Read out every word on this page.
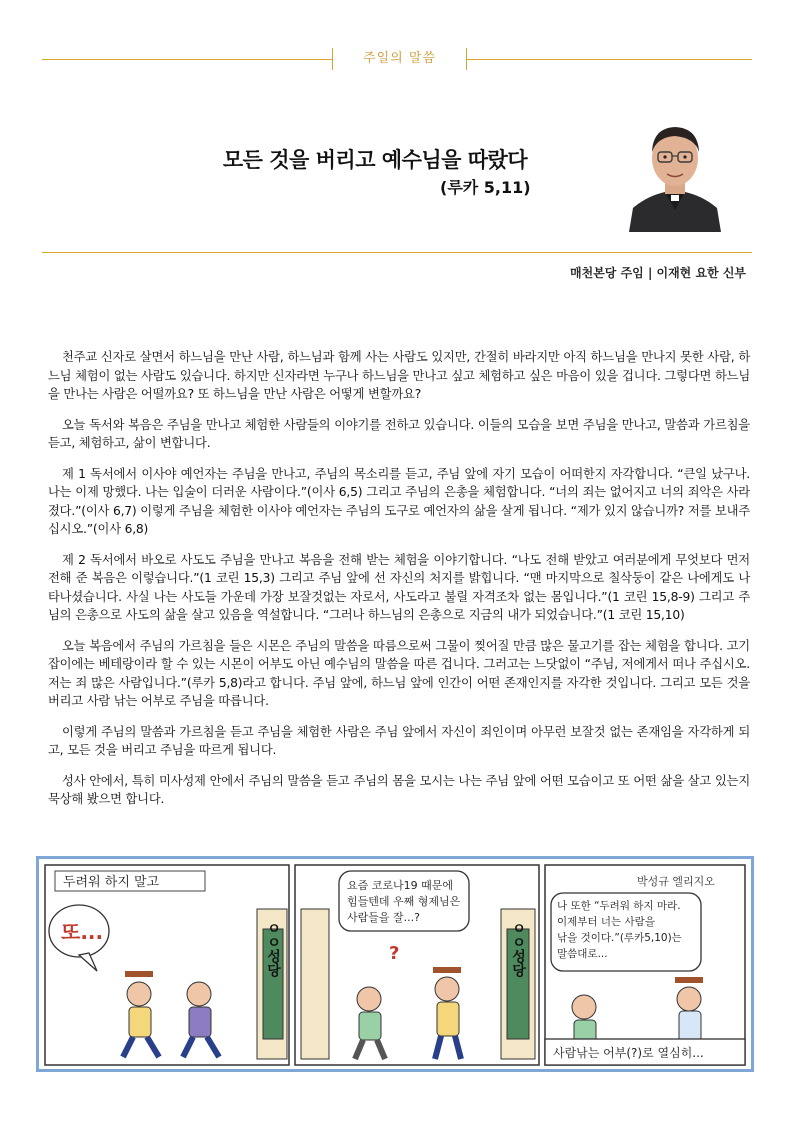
주일의 말씀
모든 것을 버리고 예수님을 따랐다
(루카 5,11)
매천본당 주임 | 이재현 요한 신부

천주교 신자로 살면서 하느님을 만난 사람, 하느님과 함께 사는 사람도 있지만, 간절히 바라지만 아직 하느님을 만나지 못한 사람, 하느님 체험이 없는 사람도 있습니다. 하지만 신자라면 누구나 하느님을 만나고 싶고 체험하고 싶은 마음이 있을 겁니다. 그렇다면 하느님을 만나는 사람은 어떨까요? 또 하느님을 만난 사람은 어떻게 변할까요?

오늘 독서와 복음은 주님을 만나고 체험한 사람들의 이야기를 전하고 있습니다. 이들의 모습을 보면 주님을 만나고, 말씀과 가르침을 듣고, 체험하고, 삶이 변합니다.

제 1 독서에서 이사야 예언자는 주님을 만나고, 주님의 목소리를 듣고, 주님 앞에 자기 모습이 어떠한지 자각합니다. “큰일 났구나. 나는 이제 망했다. 나는 입술이 더러운 사람이다.”(이사 6,5) 그리고 주님의 은총을 체험합니다. “너의 죄는 없어지고 너의 죄악은 사라졌다.”(이사 6,7) 이렇게 주님을 체험한 이사야 예언자는 주님의 도구로 예언자의 삶을 살게 됩니다. “제가 있지 않습니까? 저를 보내주십시오.”(이사 6,8)

제 2 독서에서 바오로 사도도 주님을 만나고 복음을 전해 받는 체험을 이야기합니다. “나도 전해 받았고 여러분에게 무엇보다 먼저 전해 준 복음은 이렇습니다.”(1 코린 15,3) 그리고 주님 앞에 선 자신의 처지를 밝힙니다. “맨 마지막으로 칠삭둥이 같은 나에게도 나타나셨습니다. 사실 나는 사도들 가운데 가장 보잘것없는 자로서, 사도라고 불릴 자격조차 없는 몸입니다.”(1 코린 15,8-9) 그리고 주님의 은총으로 사도의 삶을 살고 있음을 역설합니다. “그러나 하느님의 은총으로 지금의 내가 되었습니다.”(1 코린 15,10)

오늘 복음에서 주님의 가르침을 들은 시몬은 주님의 말씀을 따름으로써 그물이 찢어질 만큼 많은 물고기를 잡는 체험을 합니다. 고기잡이에는 베테랑이라 할 수 있는 시몬이 어부도 아닌 예수님의 말씀을 따른 겁니다. 그러고는 느닷없이 “주님, 저에게서 떠나 주십시오. 저는 죄 많은 사람입니다.”(루카 5,8)라고 합니다. 주님 앞에, 하느님 앞에 인간이 어떤 존재인지를 자각한 것입니다. 그리고 모든 것을 버리고 사람 낚는 어부로 주님을 따릅니다.

이렇게 주님의 말씀과 가르침을 듣고 주님을 체험한 사람은 주님 앞에서 자신이 죄인이며 아무런 보잘것 없는 존재임을 자각하게 되고, 모든 것을 버리고 주님을 따르게 됩니다.

성사 안에서, 특히 미사성제 안에서 주님의 말씀을 듣고 주님의 몸을 모시는 나는 주님 앞에 어떤 모습이고 또 어떤 삶을 살고 있는지 묵상해 봤으면 합니다.

두려워 하지 말고	박성규 엘리지오
또...	ㅇㅇ성당
요즘 코로나19 때문에
힘들텐데 우째 형제님은
사람들을 잘...?
?	ㅇㅇ성당
나 또한 “두려워 하지 마라.
이제부터 너는 사람을
낚을 것이다.”(루카5,10)는
말씀대로...
사람낚는 어부(?)로 열심히...
